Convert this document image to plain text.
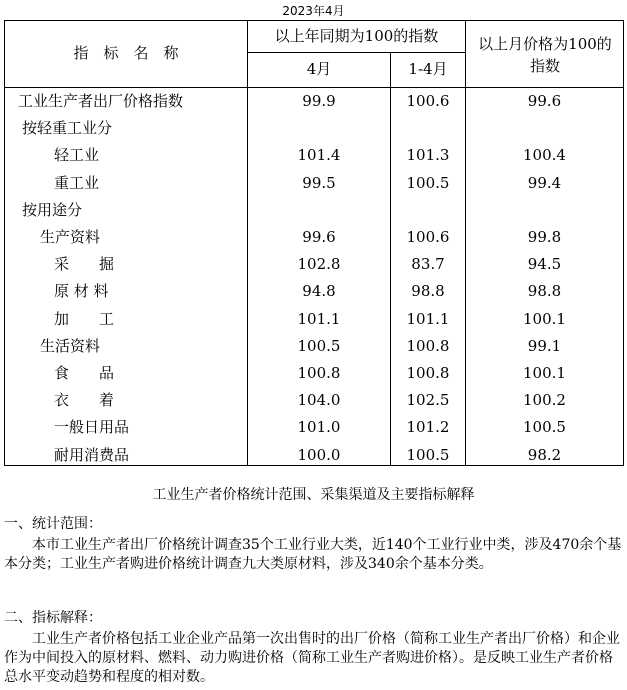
2023年4月
指　标　名　称
以上年同期为100的指数
4月	1-4月
以上月价格为100的指数
工业生产者出厂价格指数	99.9	100.6	99.6
按轻重工业分
轻工业	101.4	101.3	100.4
重工业	99.5	100.5	99.4
按用途分
生产资料	99.6	100.6	99.8
采　　掘	102.8	83.7	94.5
原 材 料	94.8	98.8	98.8
加　　工	101.1	101.1	100.1
生活资料	100.5	100.8	99.1
食　　品	100.8	100.8	100.1
衣　　着	104.0	102.5	100.2
一般日用品	101.0	101.2	100.5
耐用消费品	100.0	100.5	98.2
工业生产者价格统计范围、采集渠道及主要指标解释
一、统计范围：
本市工业生产者出厂价格统计调查35个工业行业大类，近140个工业行业中类，涉及470余个基本分类；工业生产者购进价格统计调查九大类原材料，涉及340余个基本分类。
二、指标解释：
工业生产者价格包括工业企业产品第一次出售时的出厂价格（简称工业生产者出厂价格）和企业作为中间投入的原材料、燃料、动力购进价格（简称工业生产者购进价格）。是反映工业生产者价格总水平变动趋势和程度的相对数。
